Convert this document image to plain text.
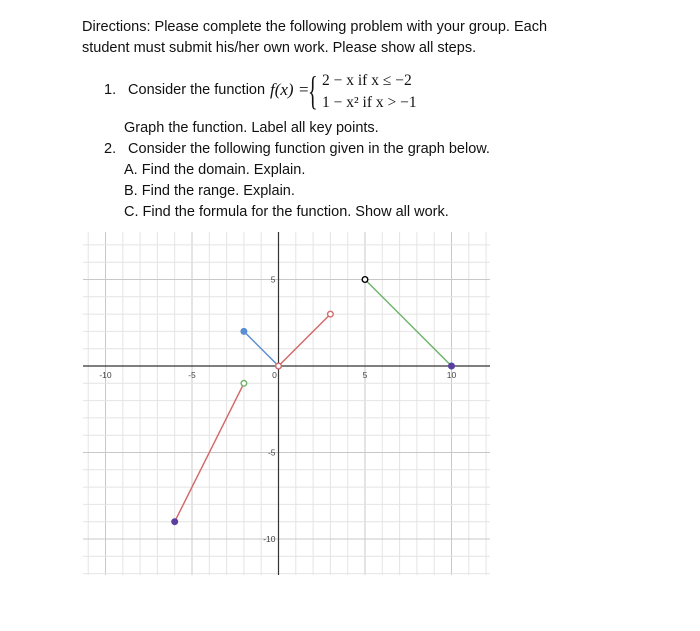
Directions: Please complete the following problem with your group. Each student must submit his/her own work. Please show all steps.
1. Consider the function f(x) =
{ 2 − x if x ≤ −2
1 − x² if x > −1
Graph the function. Label all key points.
2. Consider the following function given in the graph below.
A. Find the domain. Explain.
B. Find the range. Explain.
C. Find the formula for the function. Show all work.
-10	-5	0	5	10
5
-5
-10
